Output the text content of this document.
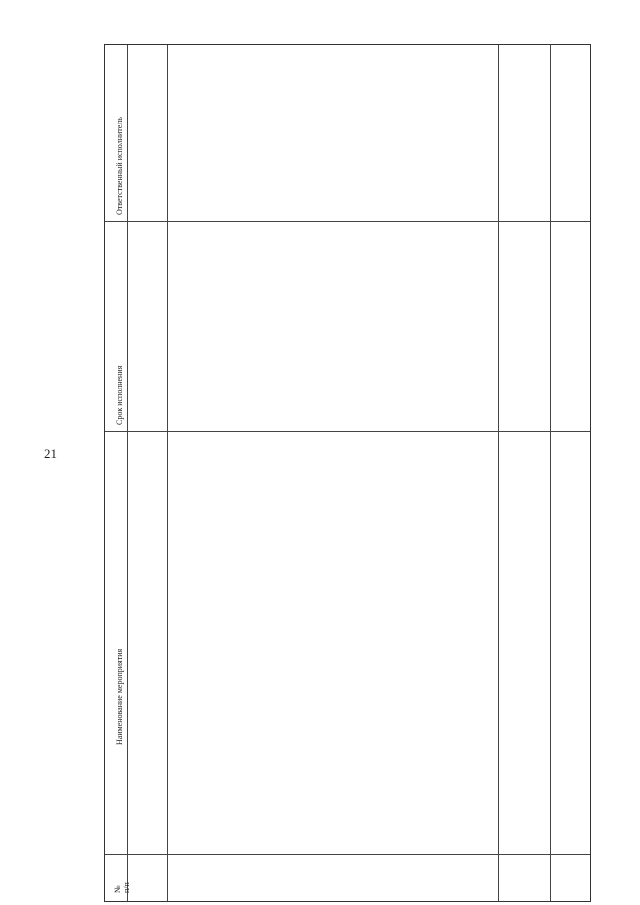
21
№
п/п
Наименование мероприятия
Срок исполнения
Ответственный исполнитель
